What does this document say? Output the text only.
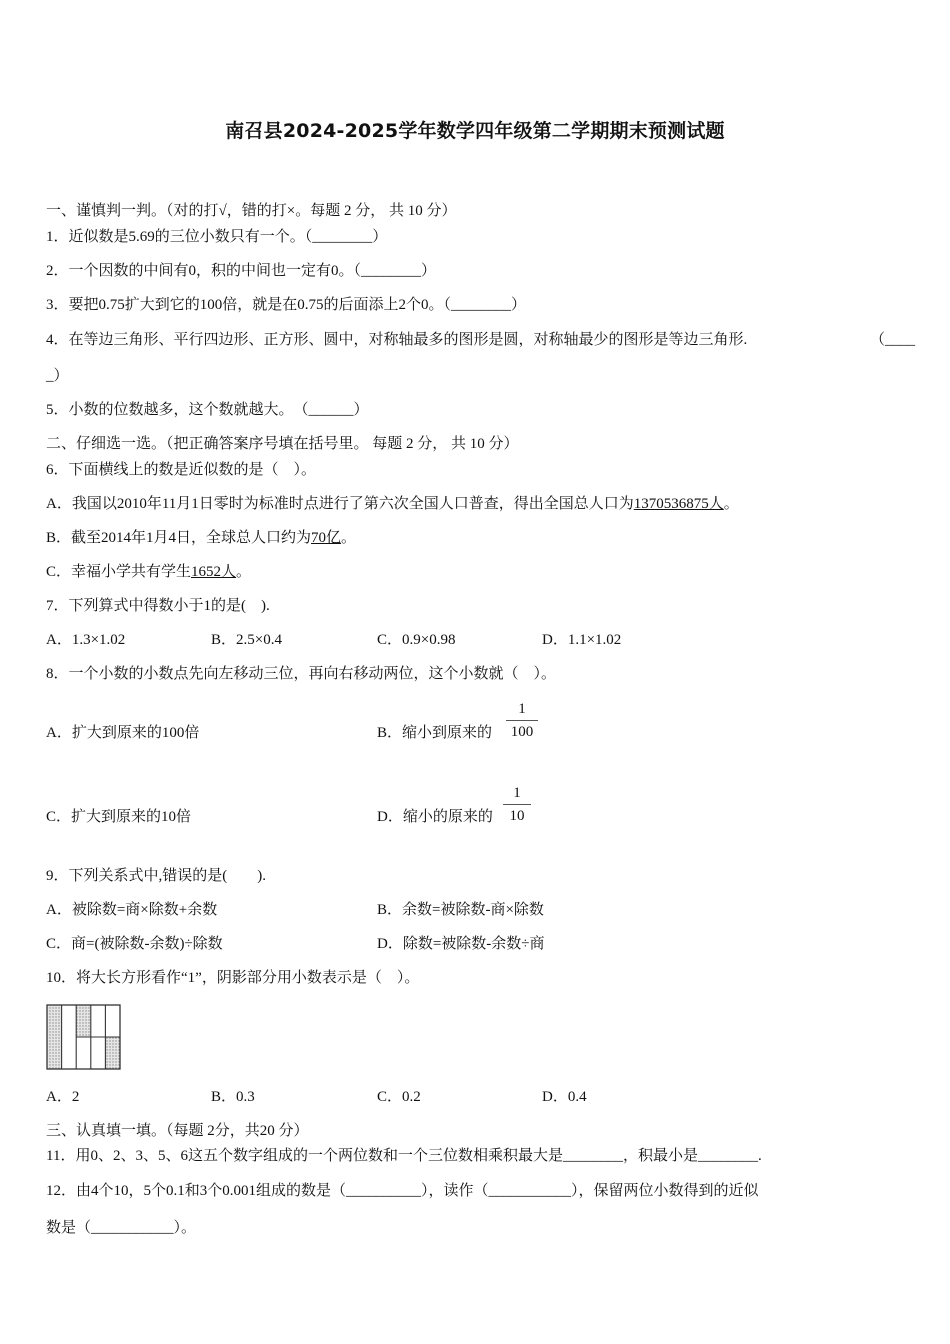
南召县2024-2025学年数学四年级第二学期期末预测试题
一、谨慎判一判。（对的打√，错的打×。每题 2 分， 共 10 分）
1．近似数是5.69的三位小数只有一个。（________）
2．一个因数的中间有0，积的中间也一定有0。（________）
3．要把0.75扩大到它的100倍，就是在0.75的后面添上2个0。（________）
4．在等边三角形、平行四边形、正方形、圆中，对称轴最多的图形是圆，对称轴最少的图形是等边三角形.	（____
_）
5．小数的位数越多，这个数就越大。　（______）
二、仔细选一选。（把正确答案序号填在括号里。 每题 2 分， 共 10 分）
6．下面横线上的数是近似数的是（　）。
A．我国以2010年11月1日零时为标准时点进行了第六次全国人口普查，得出全国总人口为1370536875人。
B．截至2014年1月4日，全球总人口约为70亿。
C．幸福小学共有学生1652人。
7．下列算式中得数小于1的是(　).
A．1.3×1.02	B．2.5×0.4	C．0.9×0.98	D．1.1×1.02
8．一个小数的小数点先向左移动三位，再向右移动两位，这个小数就（　）。
A．扩大到原来的100倍	B．缩小到原来的 $\frac{1}{100}$
C．扩大到原来的10倍	D．缩小的原来的 $\frac{1}{10}$
9．下列关系式中,错误的是(　　).
A．被除数=商×除数+余数	B．余数=被除数-商×除数
C．商=(被除数-余数)÷除数	D．除数=被除数-余数÷商
10．将大长方形看作“1”，阴影部分用小数表示是（　）。
A．2	B．0.3	C．0.2	D．0.4
三、认真填一填。（每题 2分，共20 分）
11．用0、2、3、5、6这五个数字组成的一个两位数和一个三位数相乘积最大是________，积最小是________.
12．由4个10，5个0.1和3个0.001组成的数是（__________），读作（___________），保留两位小数得到的近似
数是（___________）。
